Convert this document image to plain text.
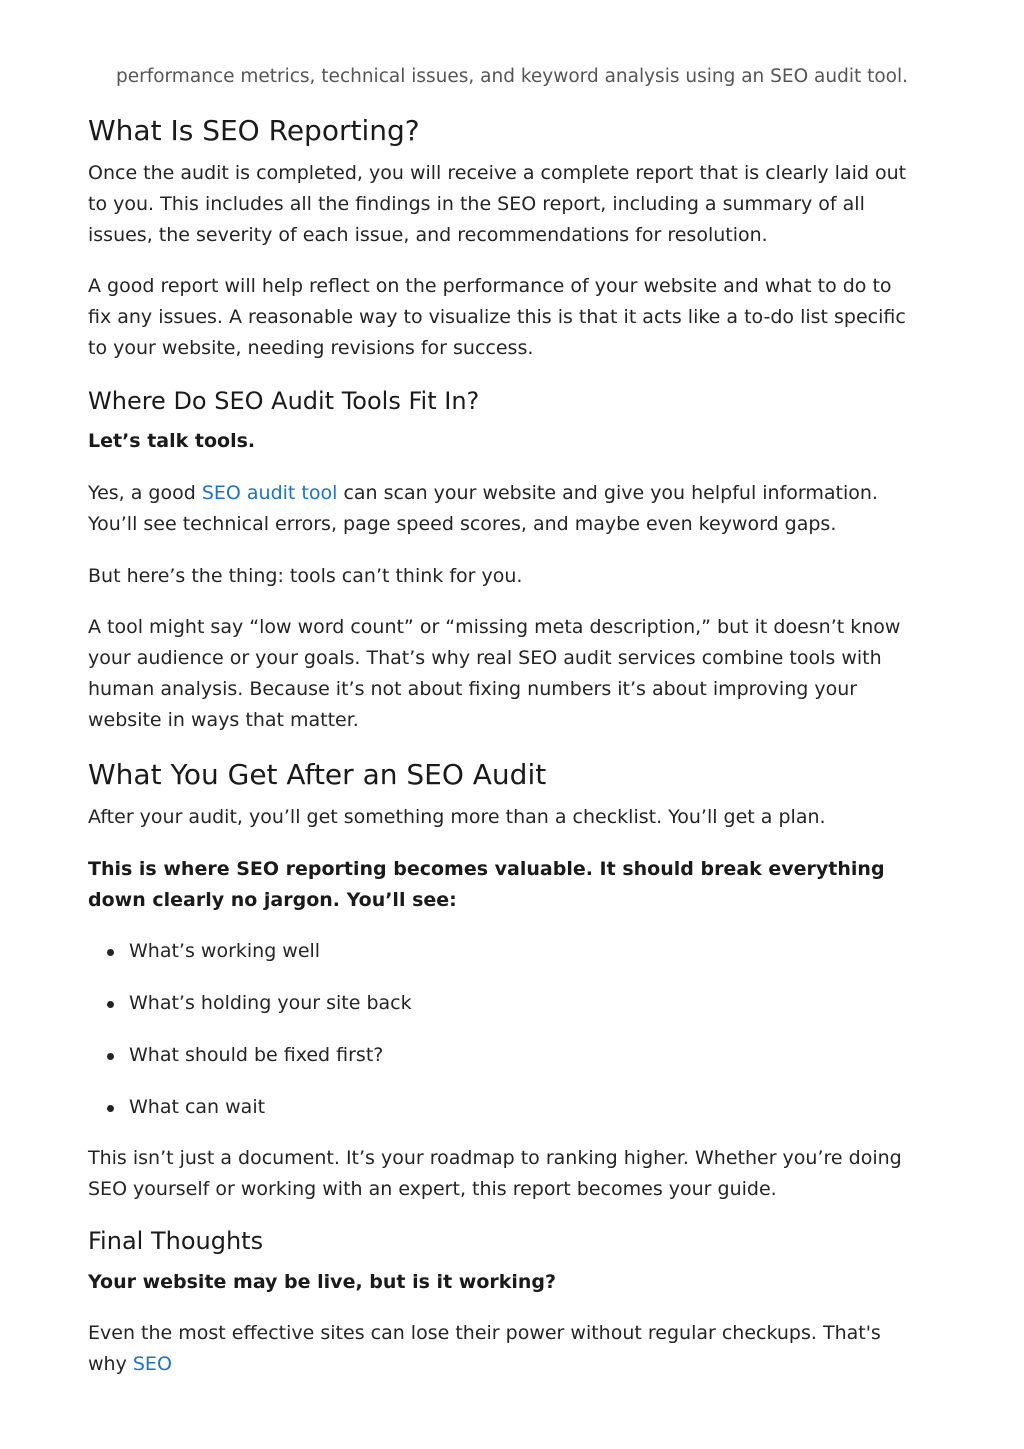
performance metrics, technical issues, and keyword analysis using an SEO audit tool.

What Is SEO Reporting?

Once the audit is completed, you will receive a complete report that is clearly laid out to you. This includes all the findings in the SEO report, including a summary of all issues, the severity of each issue, and recommendations for resolution.

A good report will help reflect on the performance of your website and what to do to fix any issues. A reasonable way to visualize this is that it acts like a to-do list specific to your website, needing revisions for success.

Where Do SEO Audit Tools Fit In?

Let’s talk tools.

Yes, a good SEO audit tool can scan your website and give you helpful information. You’ll see technical errors, page speed scores, and maybe even keyword gaps.

But here’s the thing: tools can’t think for you.

A tool might say “low word count” or “missing meta description,” but it doesn’t know your audience or your goals. That’s why real SEO audit services combine tools with human analysis. Because it’s not about fixing numbers it’s about improving your website in ways that matter.

What You Get After an SEO Audit

After your audit, you’ll get something more than a checklist. You’ll get a plan.

This is where SEO reporting becomes valuable. It should break everything down clearly no jargon. You’ll see:

What’s working well
What’s holding your site back
What should be fixed first?
What can wait

This isn’t just a document. It’s your roadmap to ranking higher. Whether you’re doing SEO yourself or working with an expert, this report becomes your guide.

Final Thoughts

Your website may be live, but is it working?

Even the most effective sites can lose their power without regular checkups. That's why SEO
